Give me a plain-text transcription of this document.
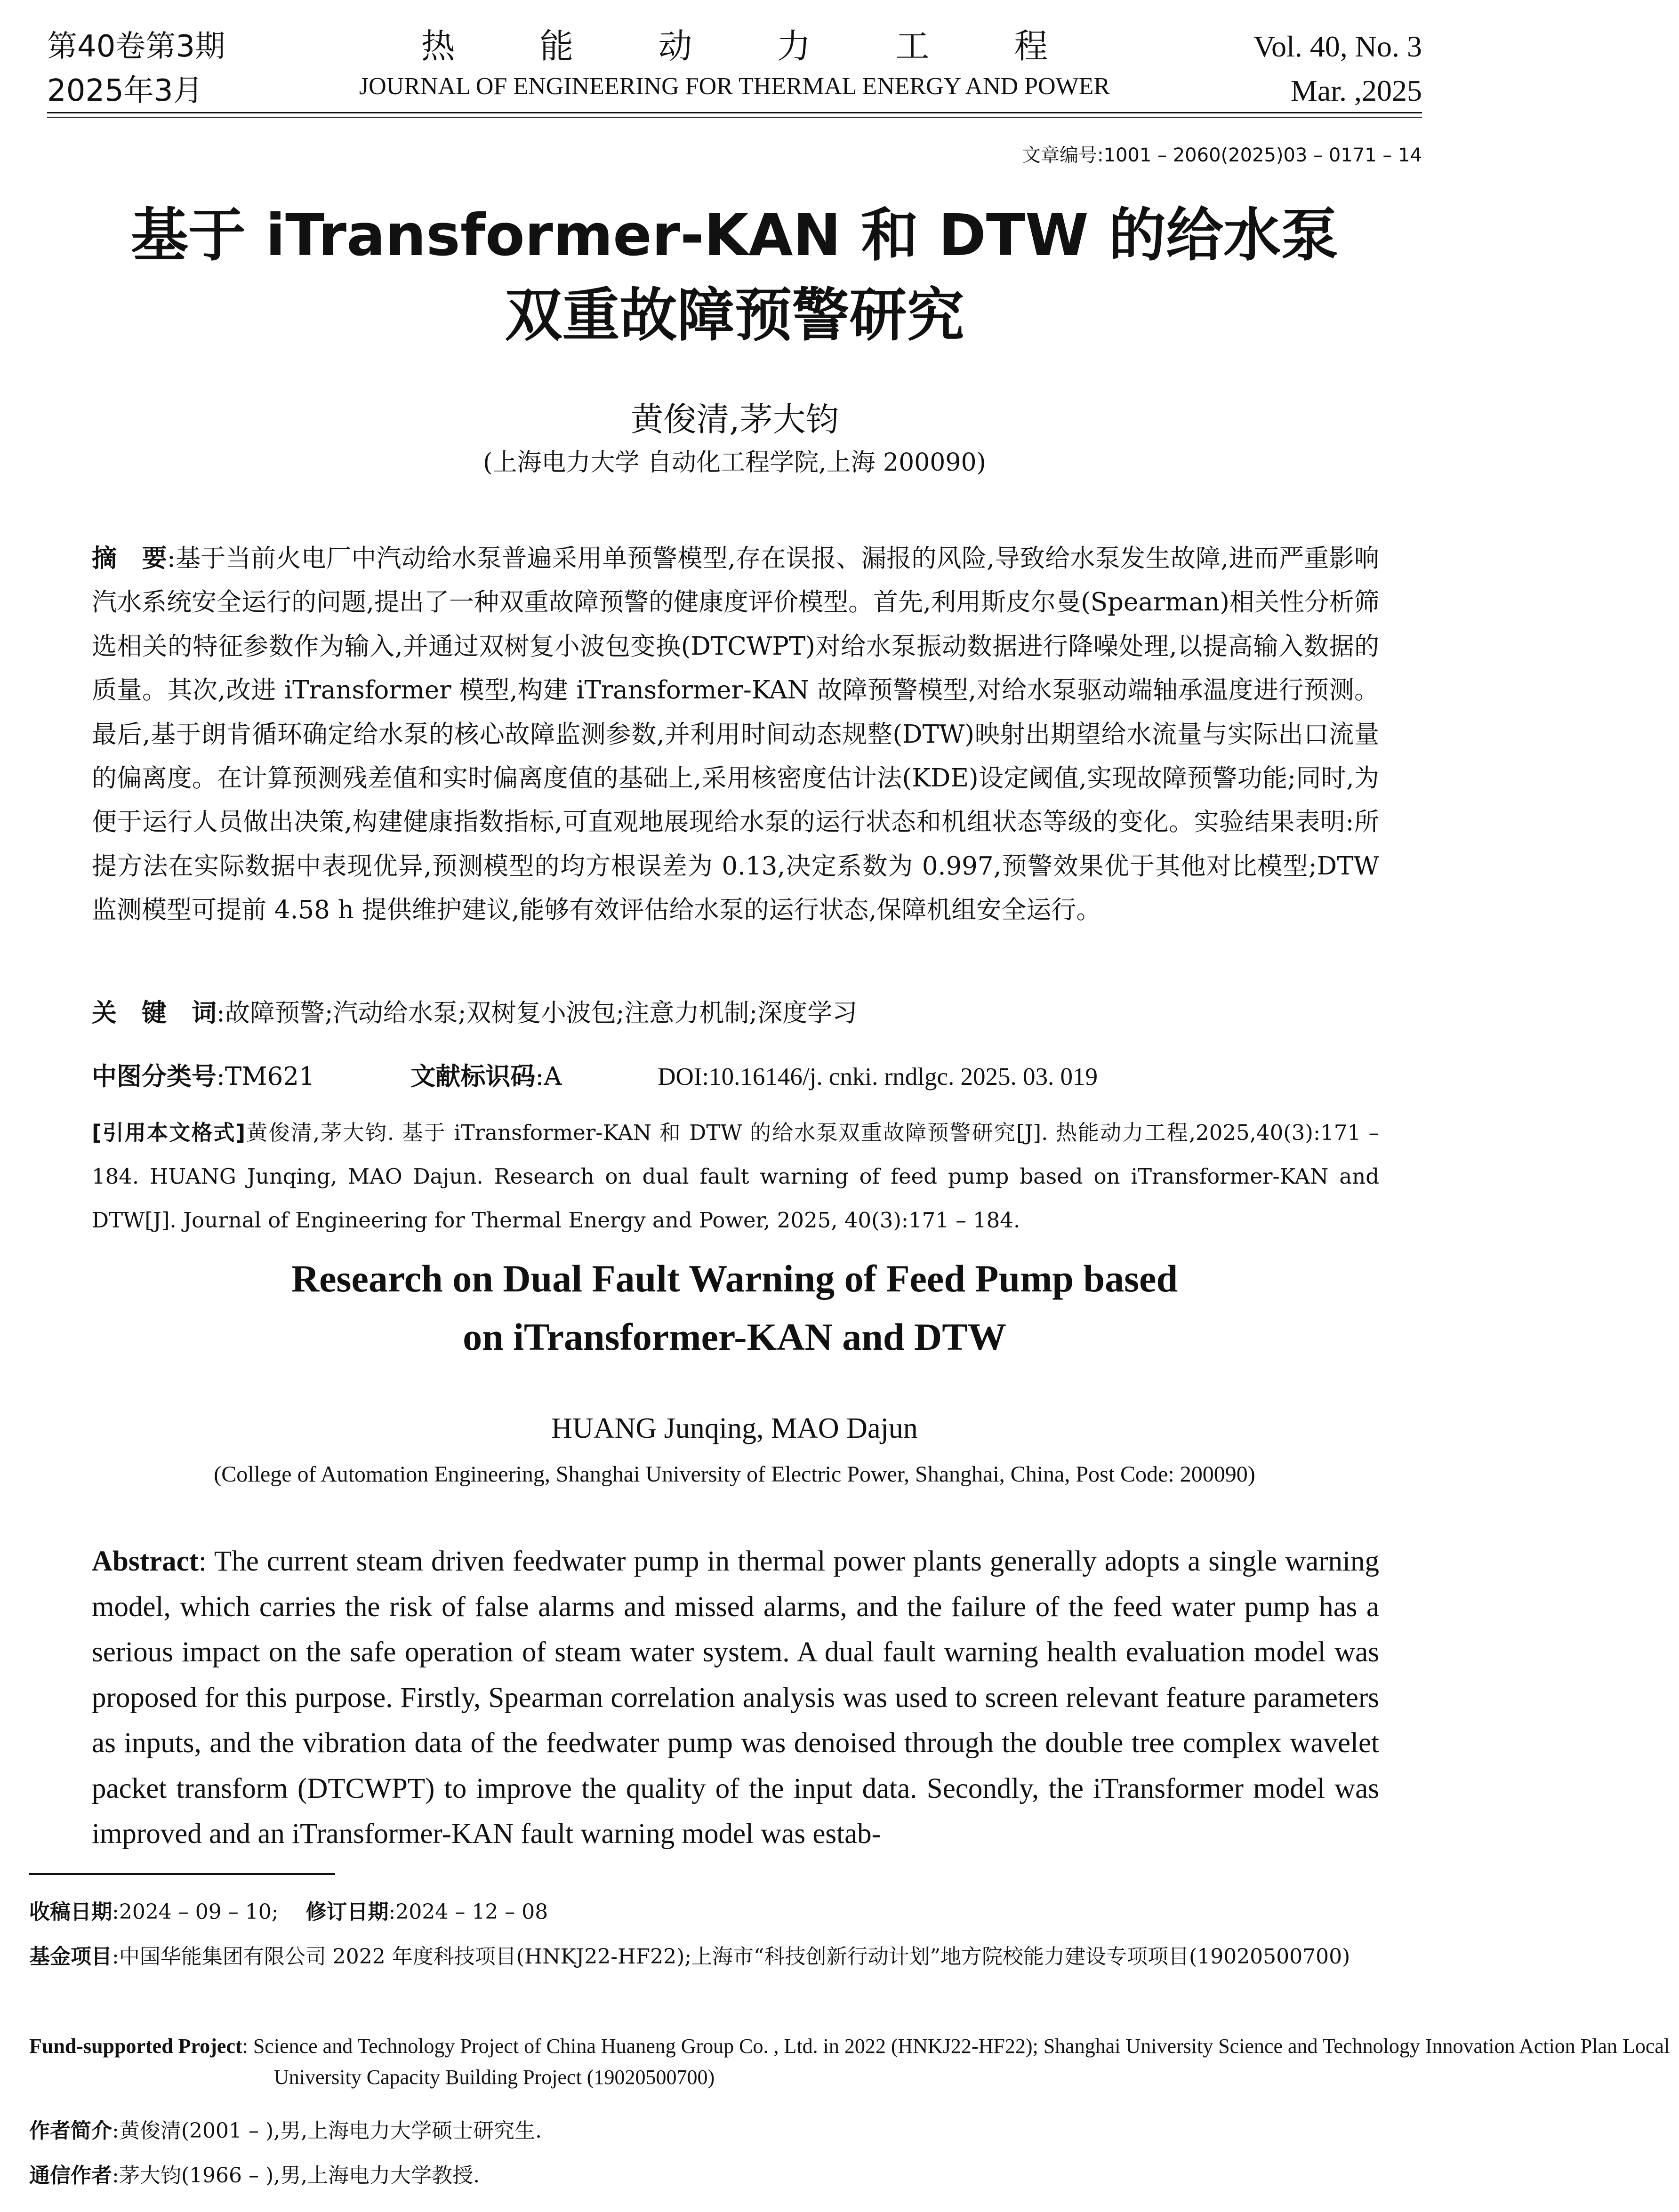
第40卷第3期
2025年3月
热能动力工程
JOURNAL OF ENGINEERING FOR THERMAL ENERGY AND POWER
Vol. 40, No. 3
Mar. ,2025
文章编号:1001 – 2060(2025)03 – 0171 – 14
基于 iTransformer-KAN 和 DTW 的给水泵
双重故障预警研究
黄俊清,茅大钧
(上海电力大学 自动化工程学院,上海 200090)
摘　要:基于当前火电厂中汽动给水泵普遍采用单预警模型,存在误报、漏报的风险,导致给水泵发生故障,进而严重影响汽水系统安全运行的问题,提出了一种双重故障预警的健康度评价模型。首先,利用斯皮尔曼(Spearman)相关性分析筛选相关的特征参数作为输入,并通过双树复小波包变换(DTCWPT)对给水泵振动数据进行降噪处理,以提高输入数据的质量。其次,改进 iTransformer 模型,构建 iTransformer-KAN 故障预警模型,对给水泵驱动端轴承温度进行预测。最后,基于朗肯循环确定给水泵的核心故障监测参数,并利用时间动态规整(DTW)映射出期望给水流量与实际出口流量的偏离度。在计算预测残差值和实时偏离度值的基础上,采用核密度估计法(KDE)设定阈值,实现故障预警功能;同时,为便于运行人员做出决策,构建健康指数指标,可直观地展现给水泵的运行状态和机组状态等级的变化。实验结果表明:所提方法在实际数据中表现优异,预测模型的均方根误差为 0.13,决定系数为 0.997,预警效果优于其他对比模型;DTW 监测模型可提前 4.58 h 提供维护建议,能够有效评估给水泵的运行状态,保障机组安全运行。
关　键　词:故障预警;汽动给水泵;双树复小波包;注意力机制;深度学习
中图分类号:TM621	文献标识码:A	DOI:10.16146/j. cnki. rndlgc. 2025. 03. 019
[引用本文格式]黄俊清,茅大钧. 基于 iTransformer-KAN 和 DTW 的给水泵双重故障预警研究[J]. 热能动力工程,2025,40(3):171 – 184. HUANG Junqing, MAO Dajun. Research on dual fault warning of feed pump based on iTransformer-KAN and DTW[J]. Journal of Engineering for Thermal Energy and Power, 2025, 40(3):171 – 184.
Research on Dual Fault Warning of Feed Pump based
on iTransformer-KAN and DTW
HUANG Junqing, MAO Dajun
(College of Automation Engineering, Shanghai University of Electric Power, Shanghai, China, Post Code: 200090)
Abstract: The current steam driven feedwater pump in thermal power plants generally adopts a single warning model, which carries the risk of false alarms and missed alarms, and the failure of the feed water pump has a serious impact on the safe operation of steam water system. A dual fault warning health evaluation model was proposed for this purpose. Firstly, Spearman correlation analysis was used to screen relevant feature parameters as inputs, and the vibration data of the feedwater pump was denoised through the double tree complex wavelet packet transform (DTCWPT) to improve the quality of the input data. Secondly, the iTransformer model was improved and an iTransformer-KAN fault warning model was estab-
收稿日期:2024 – 09 – 10; 修订日期:2024 – 12 – 08
基金项目:中国华能集团有限公司 2022 年度科技项目(HNKJ22-HF22);上海市“科技创新行动计划”地方院校能力建设专项项目(19020500700)
Fund-supported Project: Science and Technology Project of China Huaneng Group Co. , Ltd. in 2022 (HNKJ22-HF22); Shanghai University Science and Technology Innovation Action Plan Local University Capacity Building Project (19020500700)
作者简介:黄俊清(2001 – ),男,上海电力大学硕士研究生.
通信作者:茅大钧(1966 – ),男,上海电力大学教授.
